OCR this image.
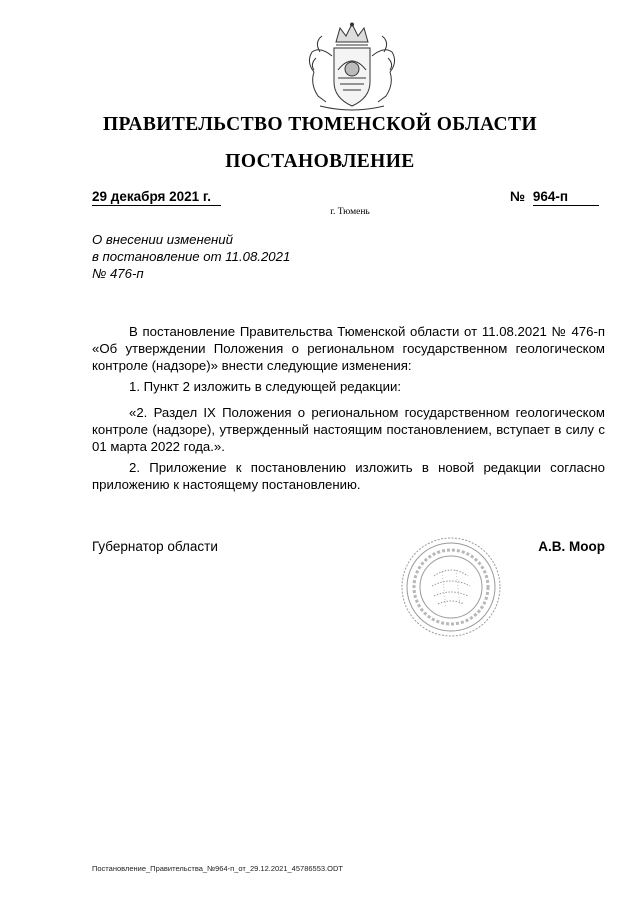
ПРАВИТЕЛЬСТВО ТЮМЕНСКОЙ ОБЛАСТИ
ПОСТАНОВЛЕНИЕ
29 декабря 2021 г.	№ 964-п
г. Тюмень
О внесении изменений
в постановление от 11.08.2021
№ 476-п

В постановление Правительства Тюменской области от 11.08.2021 № 476-п «Об утверждении Положения о региональном государственном геологическом контроле (надзоре)» внести следующие изменения:

1. Пункт 2 изложить в следующей редакции:

«2. Раздел IX Положения о региональном государственном геологическом контроле (надзоре), утвержденный настоящим постановлением, вступает в силу с 01 марта 2022 года.».

2. Приложение к постановлению изложить в новой редакции согласно приложению к настоящему постановлению.

Губернатор области	А.В. Моор
Постановление_Правительства_№964-п_от_29.12.2021_45786553.ODT
